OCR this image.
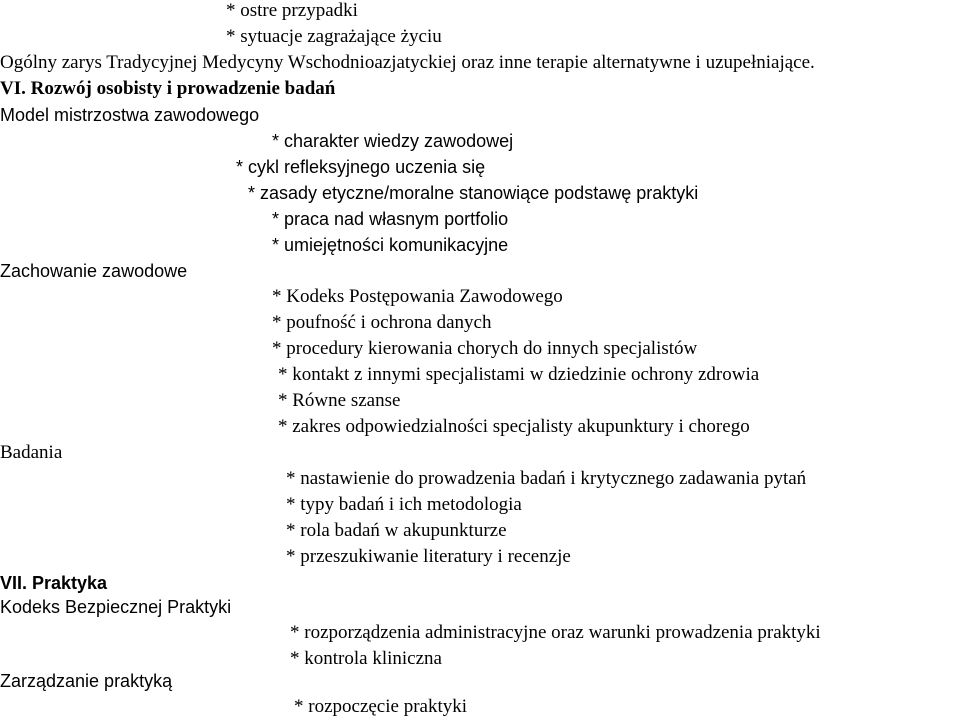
* ostre przypadki
* sytuacje zagrażające życiu
Ogólny zarys Tradycyjnej Medycyny Wschodnioazjatyckiej oraz inne terapie alternatywne i uzupełniające.
VI. Rozwój osobisty i prowadzenie badań
Model mistrzostwa zawodowego
* charakter wiedzy zawodowej
* cykl refleksyjnego uczenia się
* zasady etyczne/moralne stanowiące podstawę praktyki
* praca nad własnym portfolio
* umiejętności komunikacyjne
Zachowanie zawodowe
* Kodeks Postępowania Zawodowego
* poufność i ochrona danych
* procedury kierowania chorych do innych specjalistów
* kontakt z innymi specjalistami w dziedzinie ochrony zdrowia
* Równe szanse
* zakres odpowiedzialności specjalisty akupunktury i chorego
Badania
* nastawienie do prowadzenia badań i krytycznego zadawania pytań
* typy badań i ich metodologia
* rola badań w akupunkturze
* przeszukiwanie literatury i recenzje
VII. Praktyka
Kodeks Bezpiecznej Praktyki
* rozporządzenia administracyjne oraz warunki prowadzenia praktyki
* kontrola kliniczna
Zarządzanie praktyką
* rozpoczęcie praktyki
